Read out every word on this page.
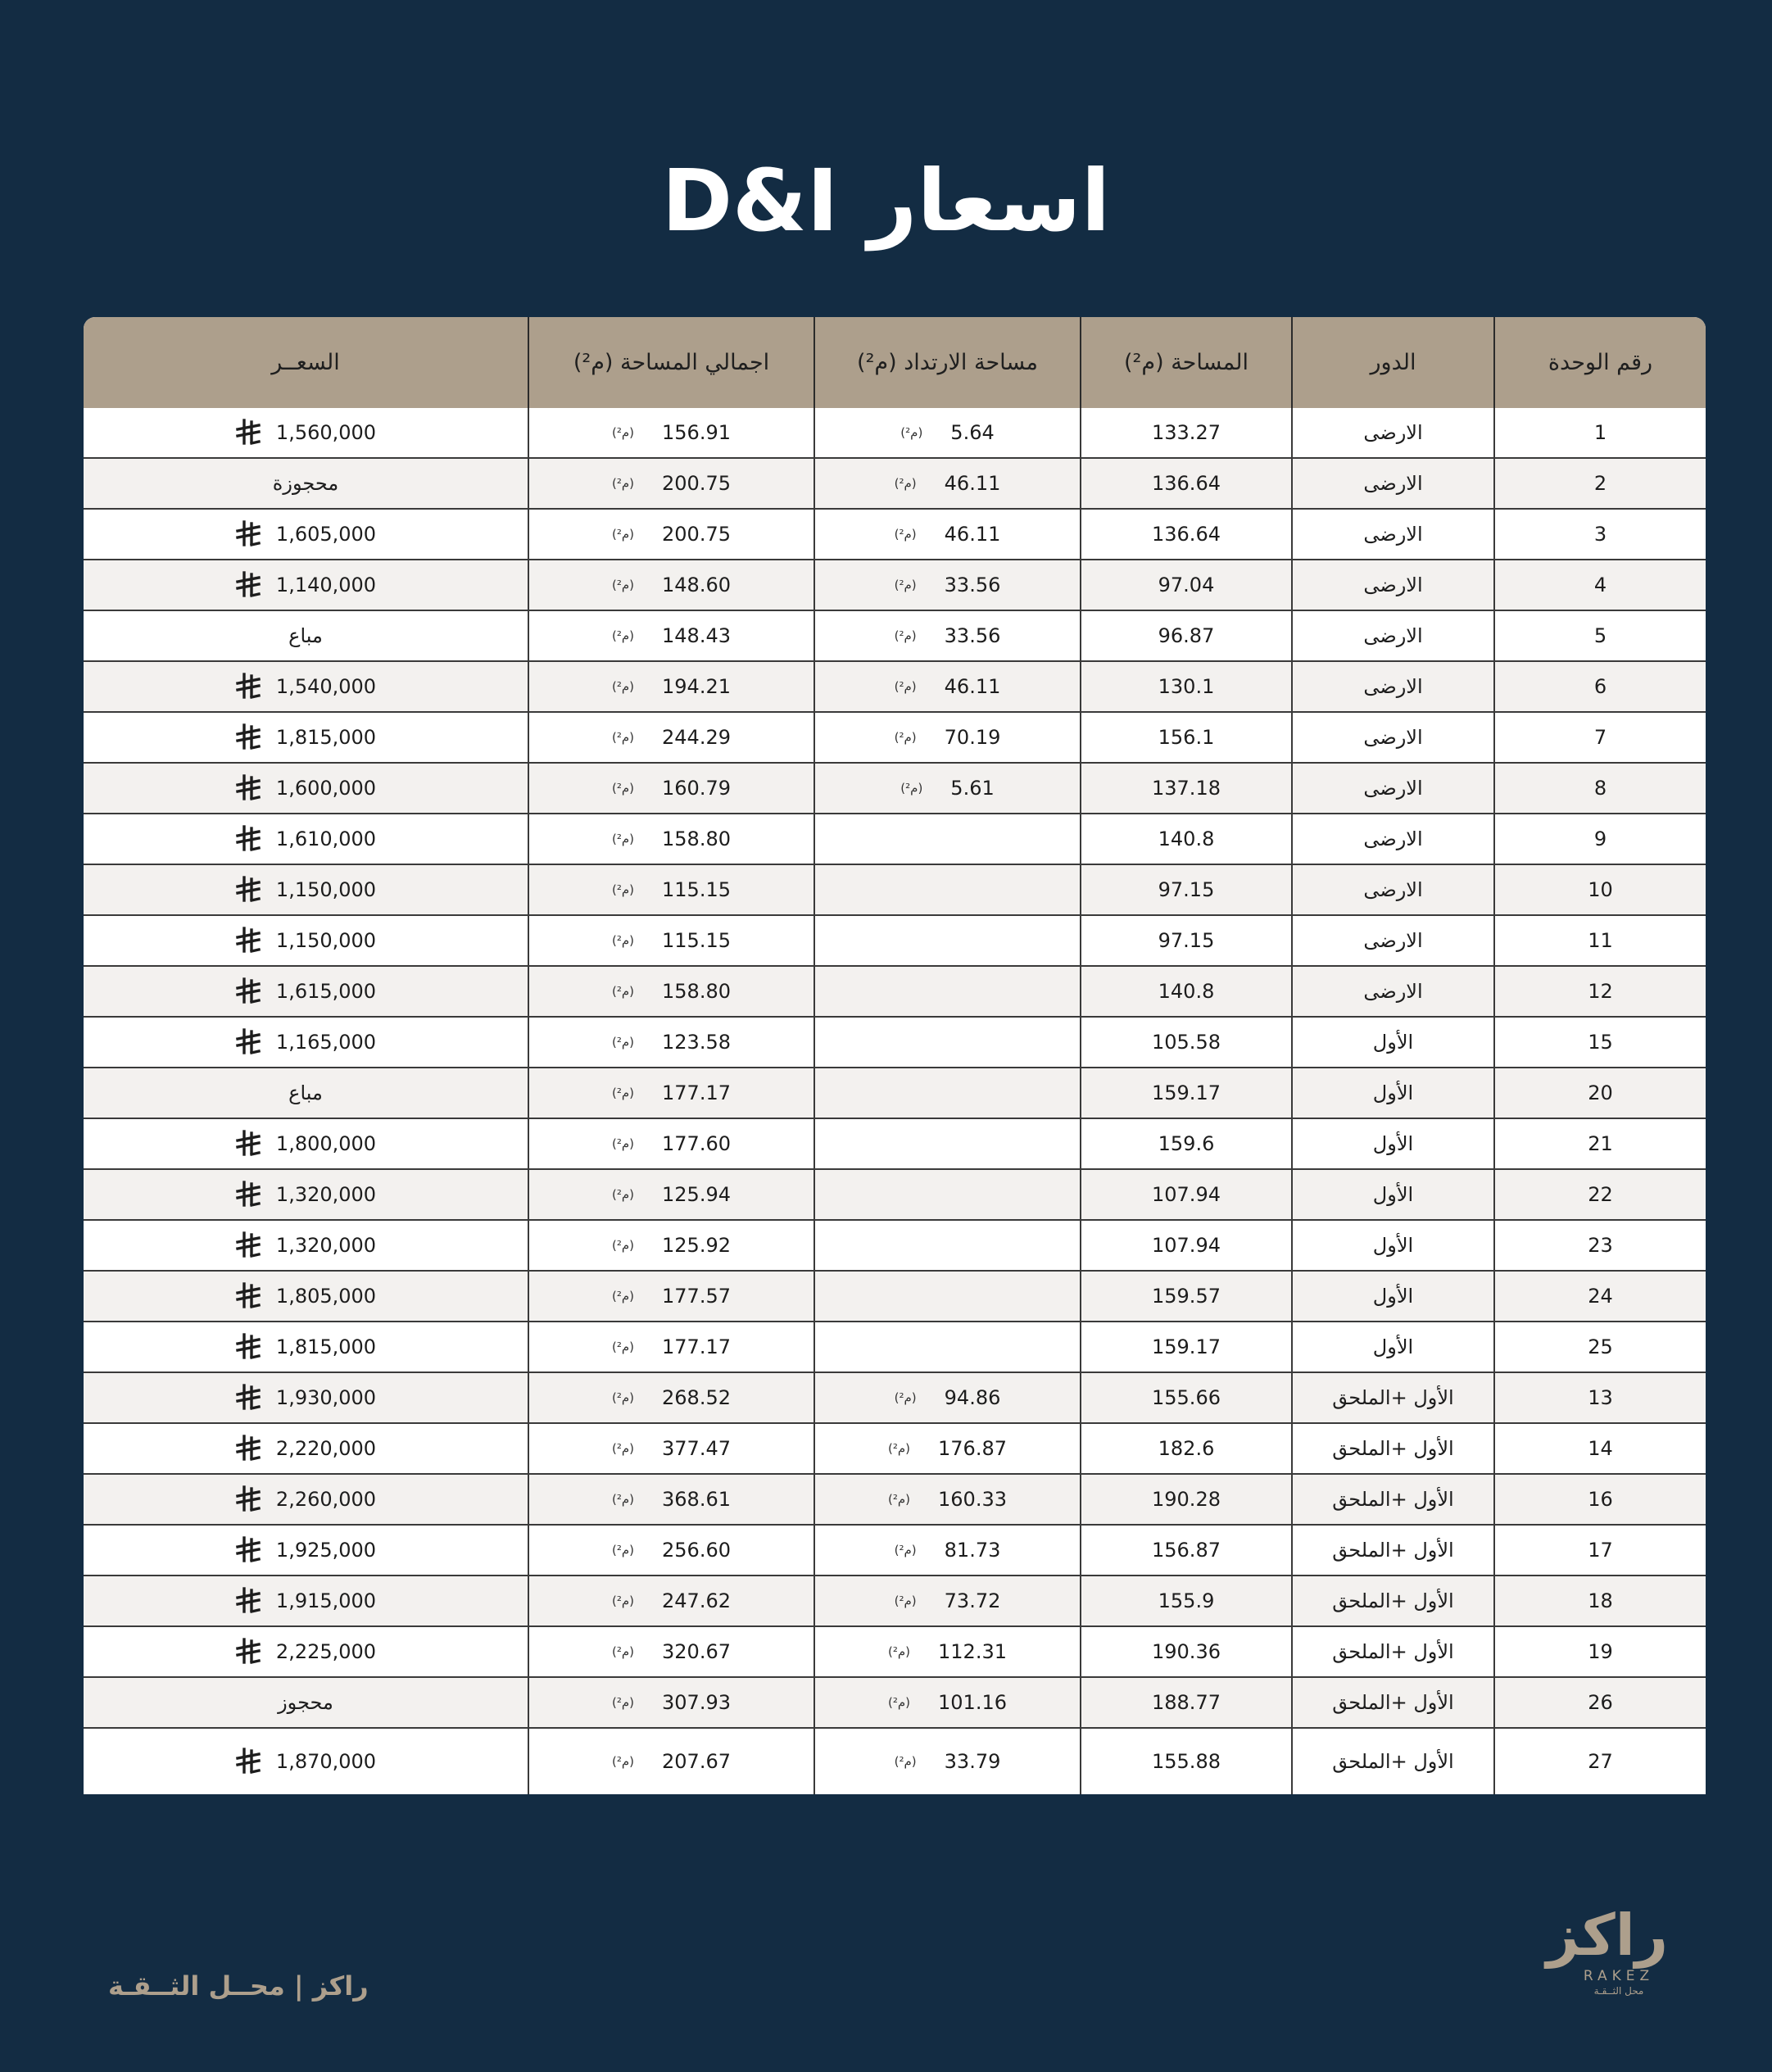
اسعار D&I
رقم الوحدة	الدور	المساحة (م²)	مساحة الارتداد (م²)	اجمالي المساحة (م²)	السعــر
1	الارضى	133.27	(م²) 5.64	(م²) 156.91	1,560,000

2	الارضى	136.64	(م²) 46.11	(م²) 200.75	محجوزة
3	الارضى	136.64	(م²) 46.11	(م²) 200.75	1,605,000

4	الارضى	97.04	(م²) 33.56	(م²) 148.60	1,140,000

5	الارضى	96.87	(م²) 33.56	(م²) 148.43	مباع
6	الارضى	130.1	(م²) 46.11	(م²) 194.21	1,540,000

7	الارضى	156.1	(م²) 70.19	(م²) 244.29	1,815,000

8	الارضى	137.18	(م²) 5.61	(م²) 160.79	1,600,000

9	الارضى	140.8		(م²) 158.80	1,610,000

10	الارضى	97.15		(م²) 115.15	1,150,000

11	الارضى	97.15		(م²) 115.15	1,150,000

12	الارضى	140.8		(م²) 158.80	1,615,000

15	الأول	105.58		(م²) 123.58	1,165,000

20	الأول	159.17		(م²) 177.17	مباع
21	الأول	159.6		(م²) 177.60	1,800,000

22	الأول	107.94		(م²) 125.94	1,320,000

23	الأول	107.94		(م²) 125.92	1,320,000

24	الأول	159.57		(م²) 177.57	1,805,000

25	الأول	159.17		(م²) 177.17	1,815,000

13	الأول +الملحق	155.66	(م²) 94.86	(م²) 268.52	1,930,000

14	الأول +الملحق	182.6	(م²) 176.87	(م²) 377.47	2,220,000

16	الأول +الملحق	190.28	(م²) 160.33	(م²) 368.61	2,260,000

17	الأول +الملحق	156.87	(م²) 81.73	(م²) 256.60	1,925,000

18	الأول +الملحق	155.9	(م²) 73.72	(م²) 247.62	1,915,000

19	الأول +الملحق	190.36	(م²) 112.31	(م²) 320.67	2,225,000

26	الأول +الملحق	188.77	(م²) 101.16	(م²) 307.93	محجوز
27	الأول +الملحق	155.88	(م²) 33.79	(م²) 207.67	1,870,000
راكز | محــل الثــقـة
راكز
RAKEZ
محل الثــقـة
